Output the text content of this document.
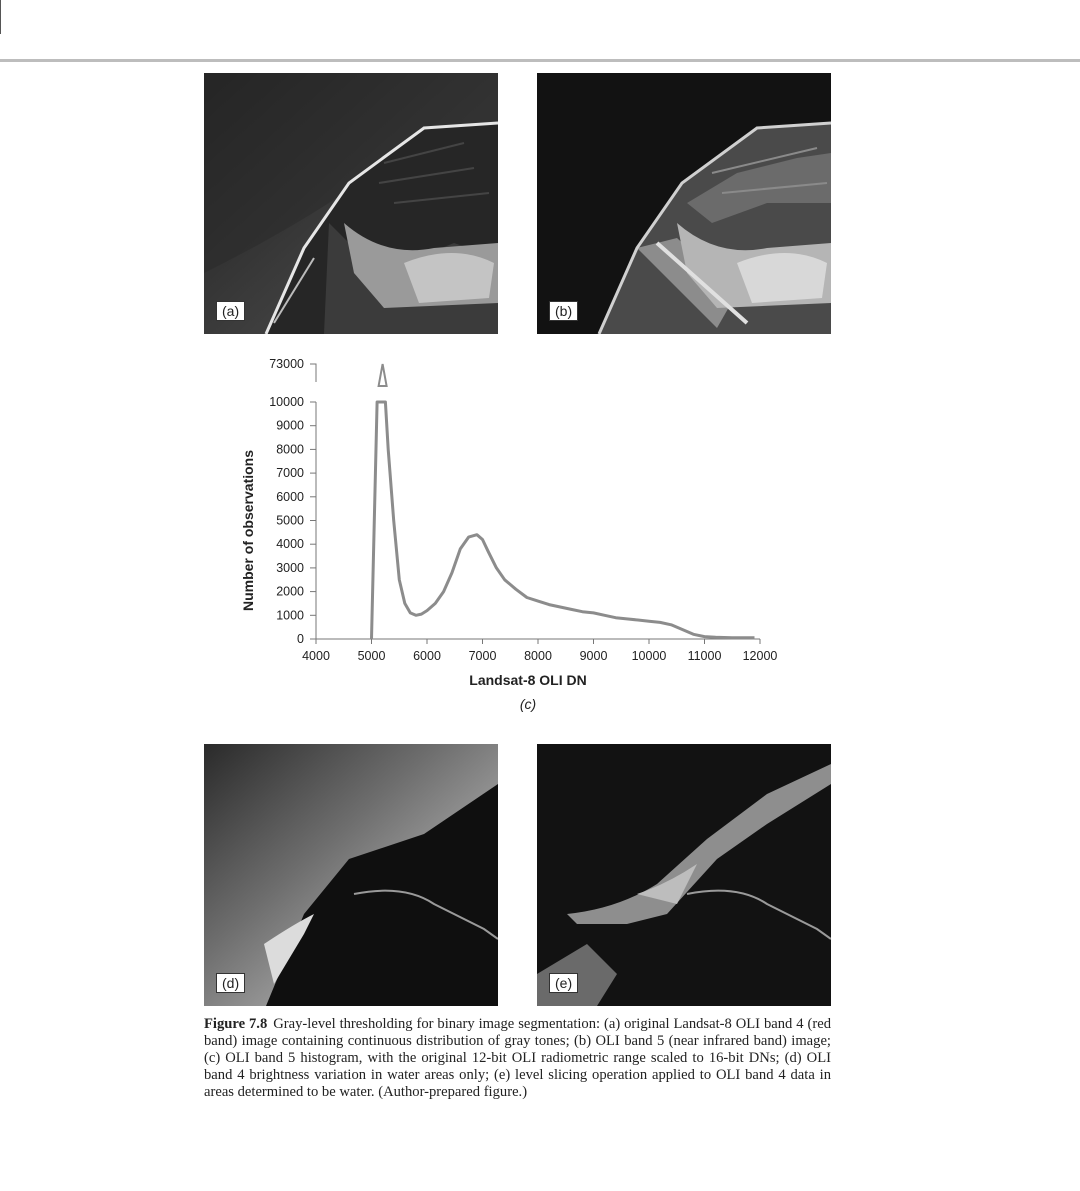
(a)	(b)
0
1000
2000
3000
4000
5000
6000
7000
8000
9000
10000
4000 5000 6000 7000 8000 9000 10000 11000 12000
73000
Number of observations
Landsat-8 OLI DN
(c)
(d)	(e)
Figure 7.8 Gray-level thresholding for binary image segmentation: (a) original Landsat-8 OLI band 4 (red band) image containing continuous distribution of gray tones; (b) OLI band 5 (near infrared band) image; (c) OLI band 5 histogram, with the original 12-bit OLI radiometric range scaled to 16-bit DNs; (d) OLI band 4 brightness variation in water areas only; (e) level slicing operation applied to OLI band 4 data in areas determined to be water. (Author-prepared figure.)
